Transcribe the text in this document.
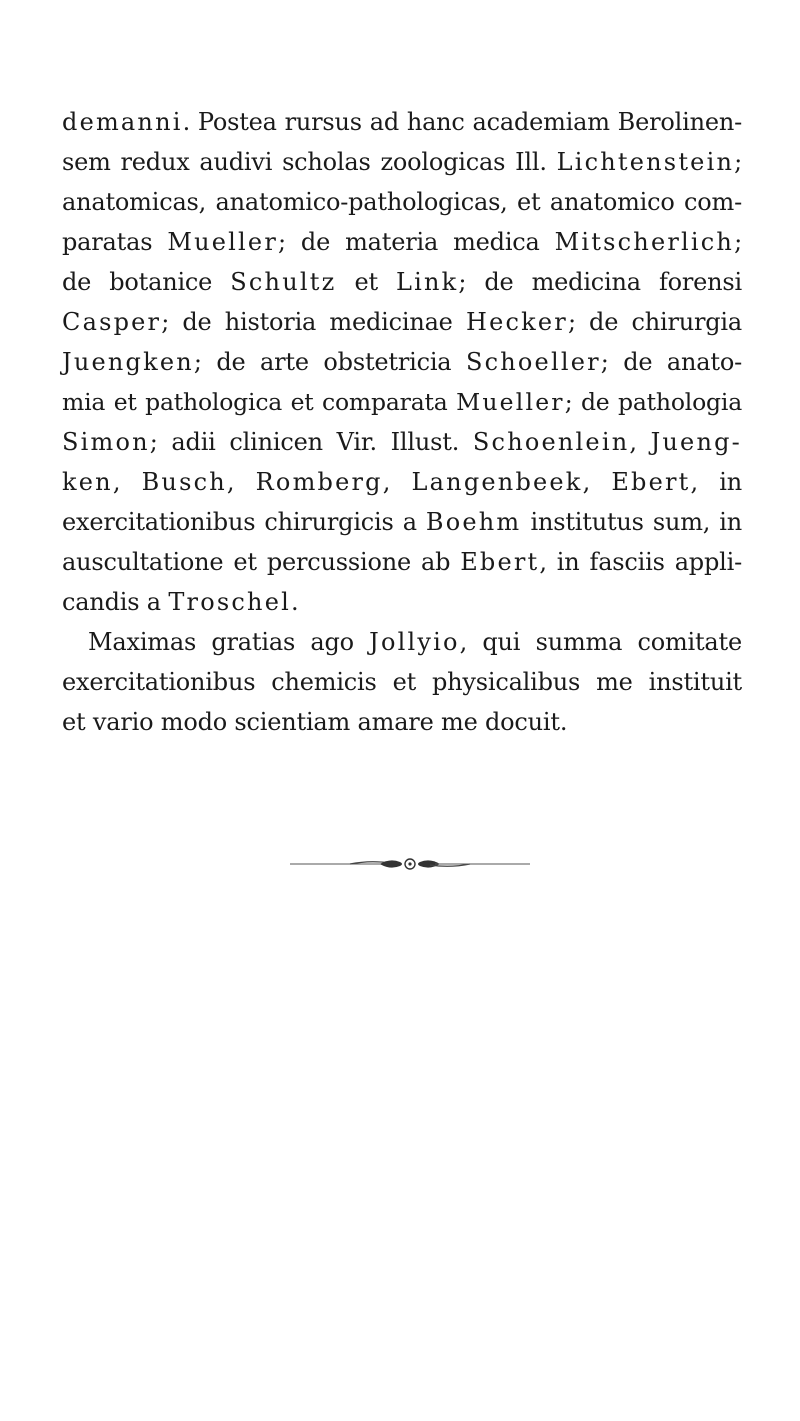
demanni. Postea rursus ad hanc academiam Berolinen-
sem redux audivi scholas zoologicas Ill. Lichtenstein;
anatomicas, anatomico-pathologicas, et anatomico com-
paratas Mueller; de materia medica Mitscherlich;
de botanice Schultz et Link; de medicina forensi
Casper; de historia medicinae Hecker; de chirurgia
Juengken; de arte obstetricia Schoeller; de anato-
mia et pathologica et comparata Mueller; de pathologia
Simon; adii clinicen Vir. Illust. Schoenlein, Jueng-
ken, Busch, Romberg, Langenbeek, Ebert, in
exercitationibus chirurgicis a Boehm institutus sum, in
auscultatione et percussione ab Ebert, in fasciis appli-
candis a Troschel.
Maximas gratias ago Jollyio, qui summa comitate
exercitationibus chemicis et physicalibus me instituit
et vario modo scientiam amare me docuit.
